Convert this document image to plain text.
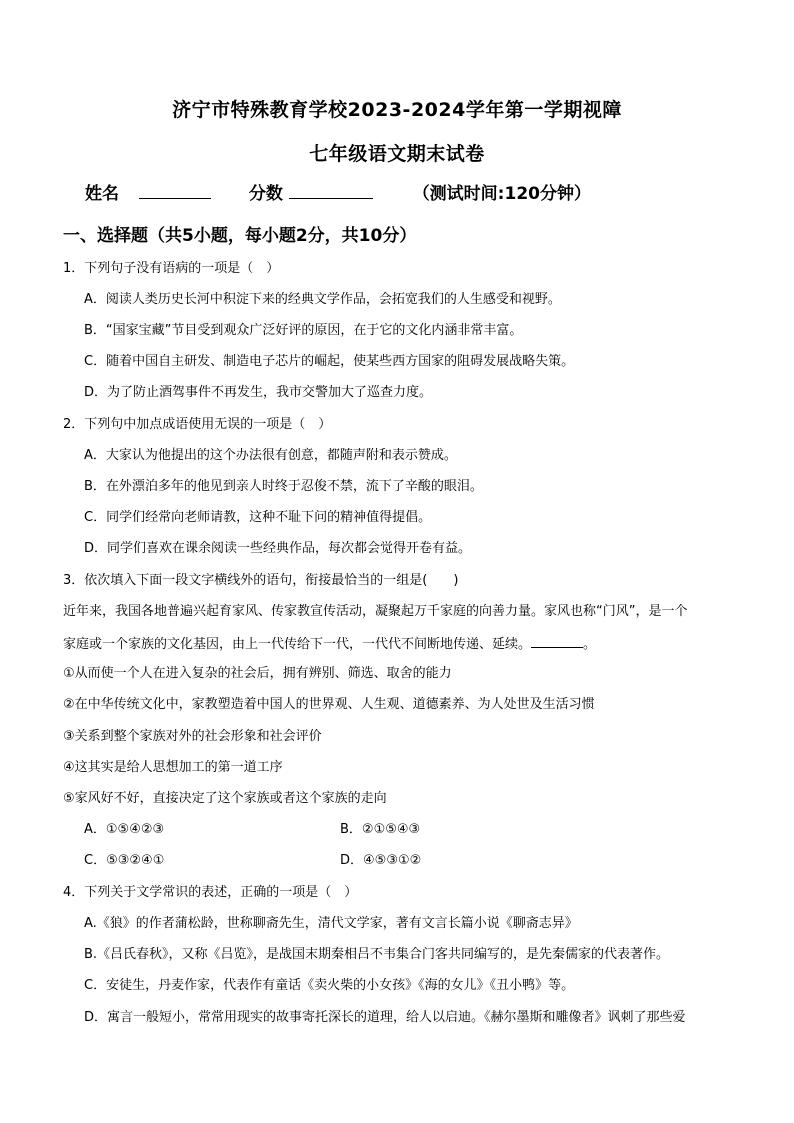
济宁市特殊教育学校2023-2024学年第一学期视障
七年级语文期末试卷
姓名	分数	（测试时间:120分钟）
一、选择题（共5小题，每小题2分，共10分）
1．下列句子没有语病的一项是（　）
A．阅读人类历史长河中积淀下来的经典文学作品，会拓宽我们的人生感受和视野。
B．“国家宝藏”节目受到观众广泛好评的原因，在于它的文化内涵非常丰富。
C．随着中国自主研发、制造电子芯片的崛起，使某些西方国家的阻碍发展战略失策。
D．为了防止酒驾事件不再发生，我市交警加大了巡查力度。
2．下列句中加点成语使用无误的一项是（　）
A．大家认为他提出的这个办法很有创意，都随声附和表示赞成。
B．在外漂泊多年的他见到亲人时终于忍俊不禁，流下了辛酸的眼泪。
C．同学们经常向老师请教，这种不耻下问的精神值得提倡。
D．同学们喜欢在课余阅读一些经典作品，每次都会觉得开卷有益。
3．依次填入下面一段文字横线外的语句，衔接最恰当的一组是(　　)
近年来，我国各地普遍兴起育家风、传家教宣传活动，凝聚起万千家庭的向善力量。家风也称“门风”，是一个
家庭或一个家族的文化基因，由上一代传给下一代，一代代不间断地传递、延续。	。
①从而使一个人在进入复杂的社会后，拥有辨别、筛选、取舍的能力
②在中华传统文化中，家教塑造着中国人的世界观、人生观、道德素养、为人处世及生活习惯
③关系到整个家族对外的社会形象和社会评价
④这其实是给人思想加工的第一道工序
⑤家风好不好，直接决定了这个家族或者这个家族的走向
A．①⑤④②③	B．②①⑤④③
C．⑤③②④①	D．④⑤③①②
4．下列关于文学常识的表述，正确的一项是（　）
A.《狼》的作者蒲松龄，世称聊斋先生，清代文学家，著有文言长篇小说《聊斋志异》
B.《吕氏春秋》，又称《吕览》，是战国末期秦相吕不韦集合门客共同编写的，是先秦儒家的代表著作。
C．安徒生，丹麦作家，代表作有童话《卖火柴的小女孩》《海的女儿》《丑小鸭》等。
D．寓言一般短小，常常用现实的故事寄托深长的道理，给人以启迪。《赫尔墨斯和雕像者》讽刺了那些爱
